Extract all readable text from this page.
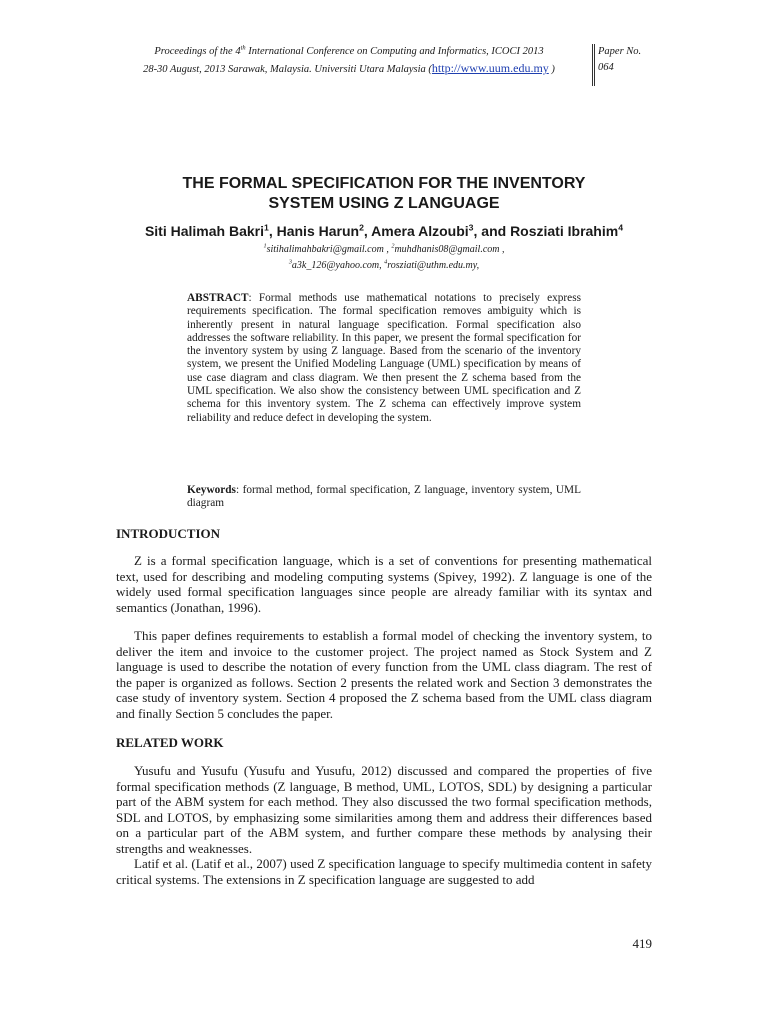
Proceedings of the 4th International Conference on Computing and Informatics, ICOCI 2013
28-30 August, 2013 Sarawak, Malaysia. Universiti Utara Malaysia (http://www.uum.edu.my )
Paper No.
064
THE FORMAL SPECIFICATION FOR THE INVENTORY
SYSTEM USING Z LANGUAGE
Siti Halimah Bakri$^1$, Hanis Harun$^2$, Amera Alzoubi$^3$, and Rosziati Ibrahim$^4$
$^1$sitihalimahbakri@gmail.com , $^2$muhdhanis08@gmail.com ,
$^3$a3k_126@yahoo.com, $^4$rosziati@uthm.edu.my,

ABSTRACT: Formal methods use mathematical notations to precisely express requirements specification. The formal specification removes ambiguity which is inherently present in natural language specification. Formal specification also addresses the software reliability. In this paper, we present the formal specification for the inventory system by using Z language. Based from the scenario of the inventory system, we present the Unified Modeling Language (UML) specification by means of use case diagram and class diagram. We then present the Z schema based from the UML specification. We also show the consistency between UML specification and Z schema for this inventory system. The Z schema can effectively improve system reliability and reduce defect in developing the system.

Keywords: formal method, formal specification, Z language, inventory system, UML diagram

INTRODUCTION

Z is a formal specification language, which is a set of conventions for presenting mathematical text, used for describing and modeling computing systems (Spivey, 1992). Z language is one of the widely used formal specification languages since people are already familiar with its syntax and semantics (Jonathan, 1996).

This paper defines requirements to establish a formal model of checking the inventory system, to deliver the item and invoice to the customer project. The project named as Stock System and Z language is used to describe the notation of every function from the UML class diagram. The rest of the paper is organized as follows. Section 2 presents the related work and Section 3 demonstrates the case study of inventory system. Section 4 proposed the Z schema based from the UML class diagram and finally Section 5 concludes the paper.

RELATED WORK

Yusufu and Yusufu (Yusufu and Yusufu, 2012) discussed and compared the properties of five formal specification methods (Z language, B method, UML, LOTOS, SDL) by designing a particular part of the ABM system for each method. They also discussed the two formal specification methods, SDL and LOTOS, by emphasizing some similarities among them and address their differences based on a particular part of the ABM system, and further compare these methods by analysing their strengths and weaknesses.

Latif et al. (Latif et al., 2007) used Z specification language to specify multimedia content in safety critical systems. The extensions in Z specification language are suggested to add

419
